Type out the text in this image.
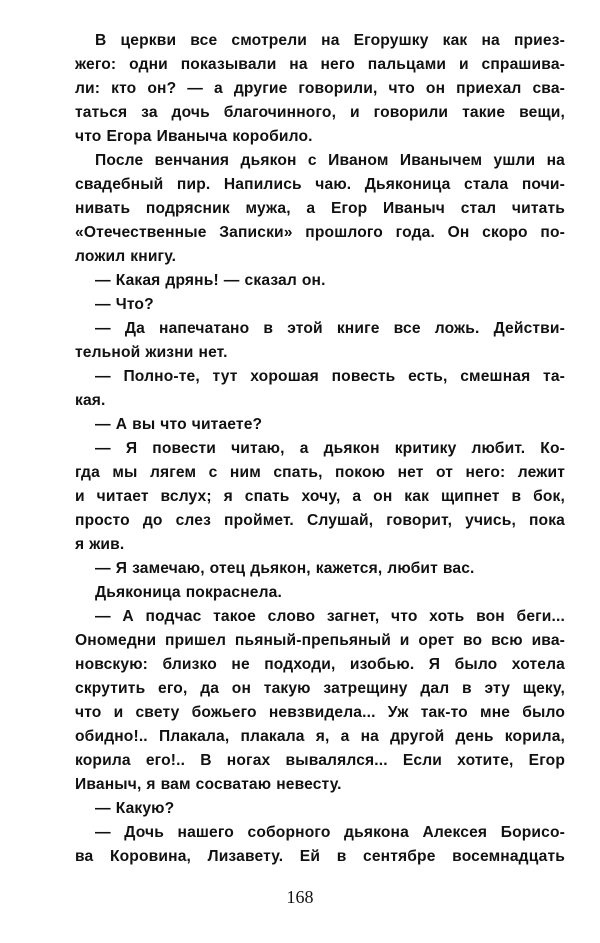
В церкви все смотрели на Егорушку как на приез-
жего: одни показывали на него пальцами и спрашива-
ли: кто он? — а другие говорили, что он приехал сва-
таться за дочь благочинного, и говорили такие вещи,
что Егора Иваныча коробило.
После венчания дьякон с Иваном Иванычем ушли на
свадебный пир. Напились чаю. Дьяконица стала почи-
нивать подрясник мужа, а Егор Иваныч стал читать
«Отечественные Записки» прошлого года. Он скоро по-
ложил книгу.
— Какая дрянь! — сказал он.
— Что?
— Да напечатано в этой книге все ложь. Действи-
тельной жизни нет.
— Полно-те, тут хорошая повесть есть, смешная та-
кая.
— А вы что читаете?
— Я повести читаю, а дьякон критику любит. Ко-
гда мы лягем с ним спать, покою нет от него: лежит
и читает вслух; я спать хочу, а он как щипнет в бок,
просто до слез проймет. Слушай, говорит, учись, пока
я жив.
— Я замечаю, отец дьякон, кажется, любит вас.
Дьяконица покраснела.
— А подчас такое слово загнет, что хоть вон беги...
Ономедни пришел пьяный-препьяный и орет во всю ива-
новскую: близко не подходи, изобью. Я было хотела
скрутить его, да он такую затрещину дал в эту щеку,
что и свету божьего невзвидела... Уж так-то мне было
обидно!.. Плакала, плакала я, а на другой день корила,
корила его!.. В ногах вывалялся... Если хотите, Егор
Иваныч, я вам сосватаю невесту.
— Какую?
— Дочь нашего соборного дьякона Алексея Борисо-
ва Коровина, Лизавету. Ей в сентябре восемнадцать
168
